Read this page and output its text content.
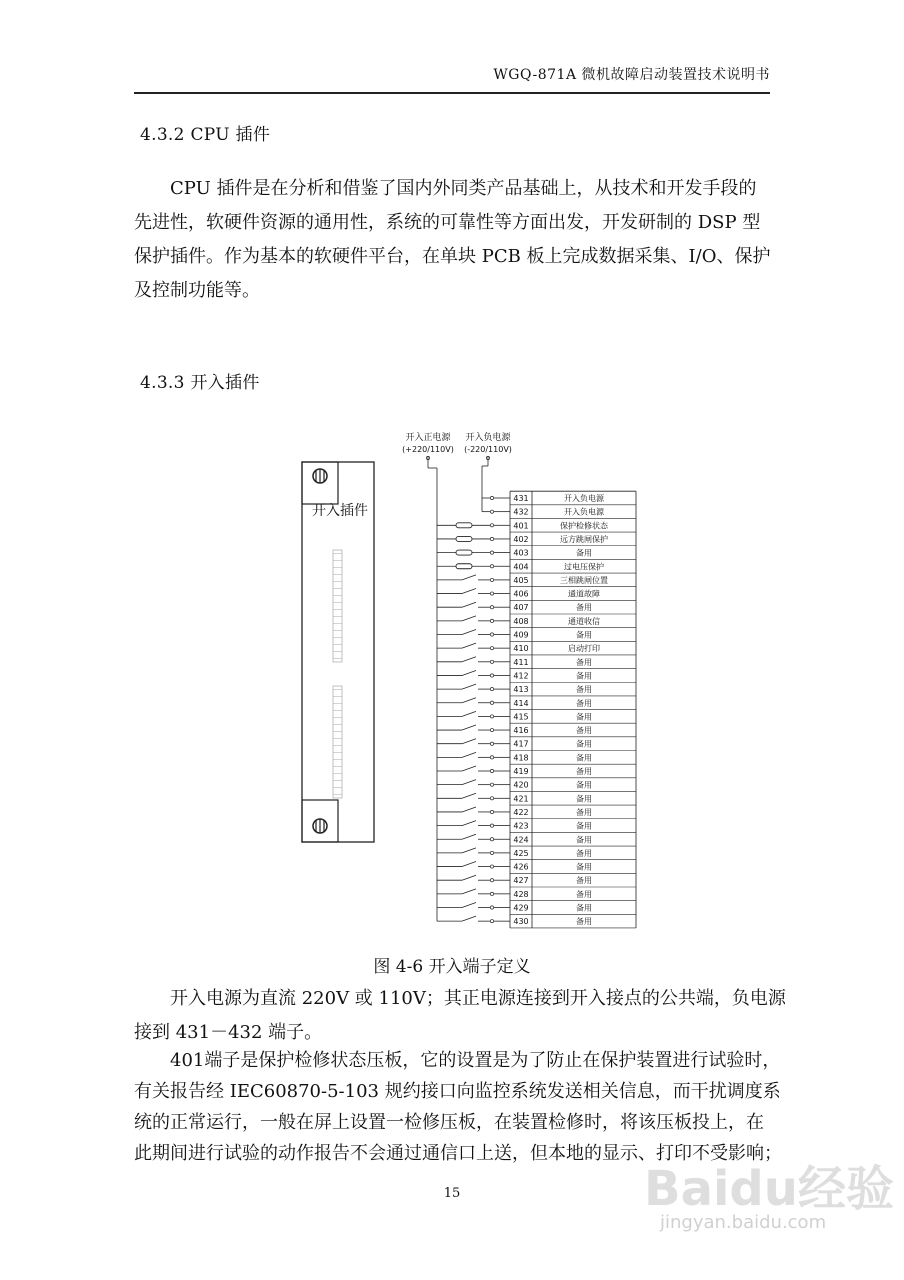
WGQ-871A 微机故障启动装置技术说明书
4.3.2 CPU 插件
CPU 插件是在分析和借鉴了国内外同类产品基础上，从技术和开发手段的
先进性，软硬件资源的通用性，系统的可靠性等方面出发，开发研制的 DSP 型
保护插件。作为基本的软硬件平台，在单块 PCB 板上完成数据采集、I/O、保护
及控制功能等。
4.3.3 开入插件
开入插件
开入正电源
(+220/110V)
开入负电源
(-220/110V)
431	开入负电源
432	开入负电源
401	保护检修状态
402	远方跳闸保护
403	备用
404	过电压保护
405	三相跳闸位置
406	通道故障
407	备用
408	通道收信
409	备用
410	启动打印
411	备用
412	备用
413	备用
414	备用
415	备用
416	备用
417	备用
418	备用
419	备用
420	备用
421	备用
422	备用
423	备用
424	备用
425	备用
426	备用
427	备用
428	备用
429	备用
430	备用
图 4-6 开入端子定义
开入电源为直流 220V 或 110V；其正电源连接到开入接点的公共端，负电源
接到 431－432 端子。
401端子是保护检修状态压板，它的设置是为了防止在保护装置进行试验时，
有关报告经 IEC60870-5-103 规约接口向监控系统发送相关信息，而干扰调度系
统的正常运行，一般在屏上设置一检修压板，在装置检修时，将该压板投上，在
此期间进行试验的动作报告不会通过通信口上送，但本地的显示、打印不受影响；
15	Baidu经验
jingyan.baidu.com
